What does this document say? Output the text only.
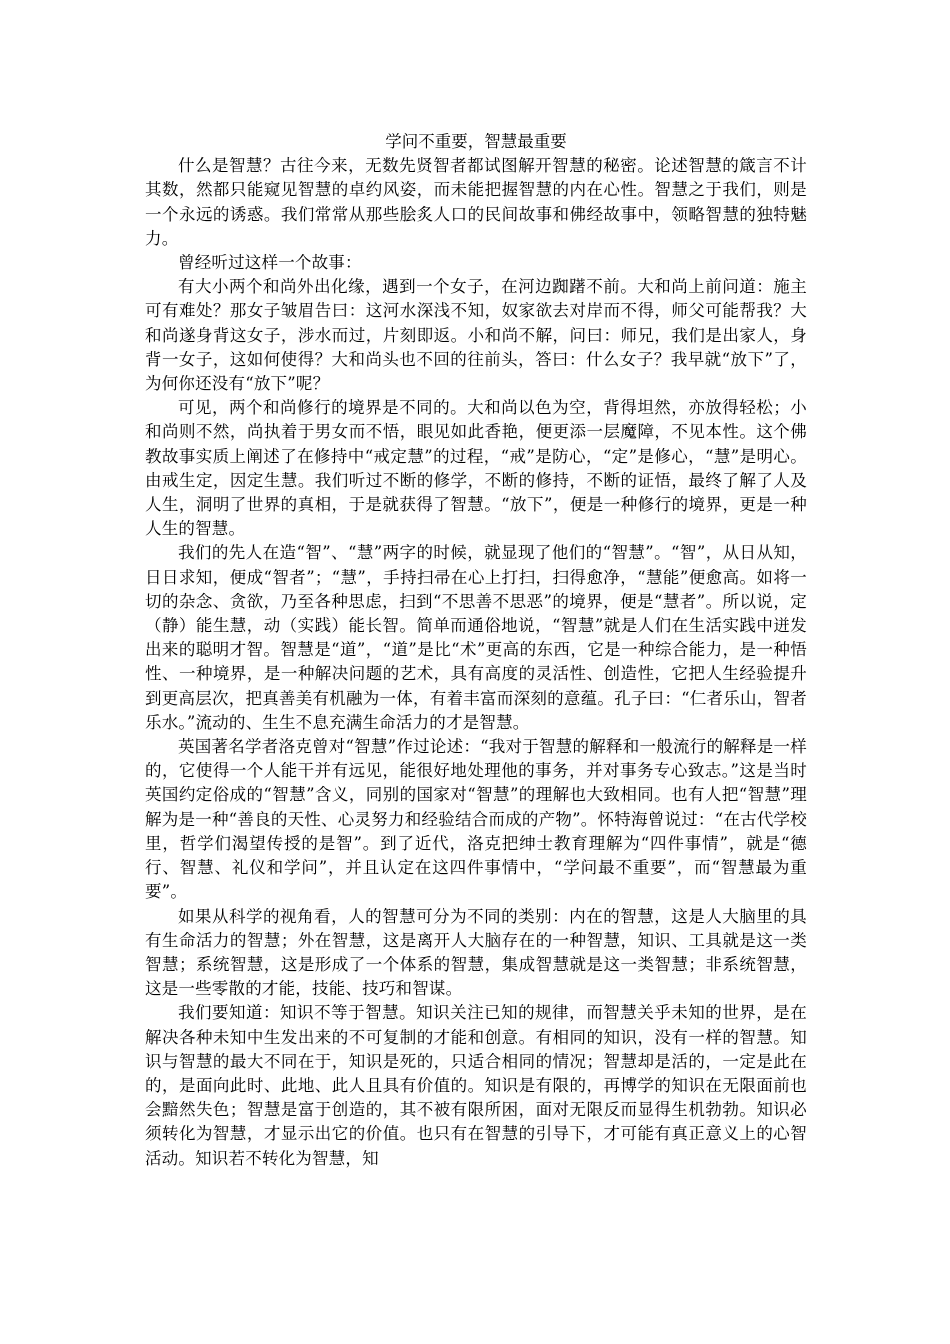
学问不重要，智慧最重要

什么是智慧？古往今来，无数先贤智者都试图解开智慧的秘密。论述智慧的箴言不计其数，然都只能窥见智慧的卓约风姿，而未能把握智慧的内在心性。智慧之于我们，则是一个永远的诱惑。我们常常从那些脍炙人口的民间故事和佛经故事中，领略智慧的独特魅力。

曾经听过这样一个故事：

有大小两个和尚外出化缘，遇到一个女子，在河边踟躇不前。大和尚上前问道：施主可有难处？那女子皱眉告曰：这河水深浅不知，奴家欲去对岸而不得，师父可能帮我？大和尚遂身背这女子，涉水而过，片刻即返。小和尚不解，问曰：师兄，我们是出家人，身背一女子，这如何使得？大和尚头也不回的往前头，答曰：什么女子？我早就“放下”了，为何你还没有“放下”呢？

可见，两个和尚修行的境界是不同的。大和尚以色为空，背得坦然，亦放得轻松；小和尚则不然，尚执着于男女而不悟，眼见如此香艳，便更添一层魔障，不见本性。这个佛教故事实质上阐述了在修持中“戒定慧”的过程，“戒”是防心，“定”是修心，“慧”是明心。由戒生定，因定生慧。我们听过不断的修学，不断的修持，不断的证悟，最终了解了人及人生，洞明了世界的真相，于是就获得了智慧。“放下”，便是一种修行的境界，更是一种人生的智慧。

我们的先人在造“智”、“慧”两字的时候，就显现了他们的“智慧”。“智”，从日从知，日日求知，便成“智者”；“慧”，手持扫帚在心上打扫，扫得愈净，“慧能”便愈高。如将一切的杂念、贪欲，乃至各种思虑，扫到“不思善不思恶”的境界，便是“慧者”。所以说，定（静）能生慧，动（实践）能长智。简单而通俗地说，“智慧”就是人们在生活实践中迸发出来的聪明才智。智慧是“道”，“道”是比“术”更高的东西，它是一种综合能力，是一种悟性、一种境界，是一种解决问题的艺术，具有高度的灵活性、创造性，它把人生经验提升到更高层次，把真善美有机融为一体，有着丰富而深刻的意蕴。孔子曰：“仁者乐山，智者乐水。”流动的、生生不息充满生命活力的才是智慧。

英国著名学者洛克曾对“智慧”作过论述：“我对于智慧的解释和一般流行的解释是一样的，它使得一个人能干并有远见，能很好地处理他的事务，并对事务专心致志。”这是当时英国约定俗成的“智慧”含义，同别的国家对“智慧”的理解也大致相同。也有人把“智慧”理解为是一种“善良的天性、心灵努力和经验结合而成的产物”。怀特海曾说过：“在古代学校里，哲学们渴望传授的是智”。到了近代，洛克把绅士教育理解为“四件事情”，就是“德行、智慧、礼仪和学问”，并且认定在这四件事情中，“学问最不重要”，而“智慧最为重要”。

如果从科学的视角看，人的智慧可分为不同的类别：内在的智慧，这是人大脑里的具有生命活力的智慧；外在智慧，这是离开人大脑存在的一种智慧，知识、工具就是这一类智慧；系统智慧，这是形成了一个体系的智慧，集成智慧就是这一类智慧；非系统智慧，这是一些零散的才能，技能、技巧和智谋。

我们要知道：知识不等于智慧。知识关注已知的规律，而智慧关乎未知的世界，是在解决各种未知中生发出来的不可复制的才能和创意。有相同的知识，没有一样的智慧。知识与智慧的最大不同在于，知识是死的，只适合相同的情况；智慧却是活的，一定是此在的，是面向此时、此地、此人且具有价值的。知识是有限的，再博学的知识在无限面前也会黯然失色；智慧是富于创造的，其不被有限所困，面对无限反而显得生机勃勃。知识必须转化为智慧，才显示出它的价值。也只有在智慧的引导下，才可能有真正意义上的心智活动。知识若不转化为智慧，知
